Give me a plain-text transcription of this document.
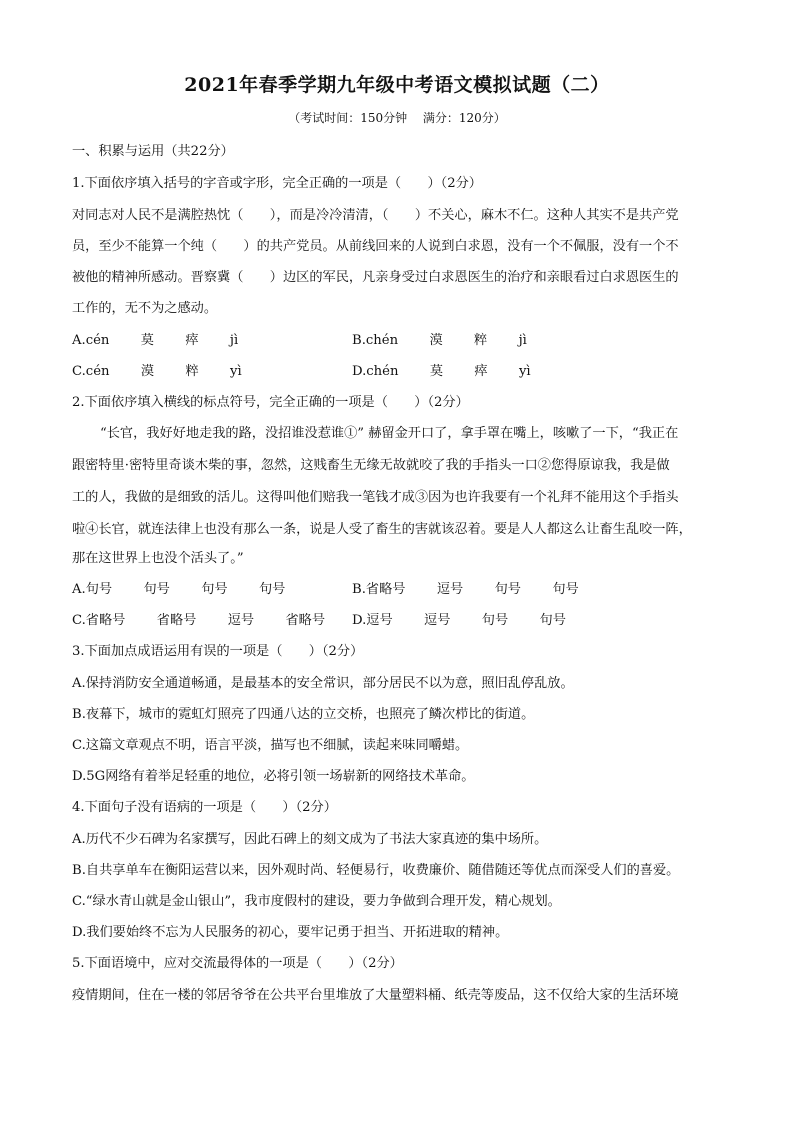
2021年春季学期九年级中考语文模拟试题（二）
（考试时间：150分钟　 满分：120分）
一、积累与运用（共22分）
1.下面依序填入括号的字音或字形，完全正确的一项是（　　）（2分）
对同志对人民不是满腔热忱（　　），而是冷冷清清，（　　）不关心，麻木不仁。这种人其实不是共产党
员，至少不能算一个纯（　　）的共产党员。从前线回来的人说到白求恩，没有一个不佩服，没有一个不
被他的精神所感动。晋察冀（　　）边区的军民，凡亲身受过白求恩医生的治疗和亲眼看过白求恩医生的
工作的，无不为之感动。
A.cén　 莫　 瘁　 jì	B.chén　 漠　 粹　 jì
C.cén　 漠　 粹　 yì	D.chén　 莫　 瘁　 yì
2.下面依序填入横线的标点符号，完全正确的一项是（　　）（2分）
“长官，我好好地走我的路，没招谁没惹谁①” 赫留金开口了，拿手罩在嘴上，咳嗽了一下，“我正在
跟密特里·密特里奇谈木柴的事，忽然，这贱畜生无缘无故就咬了我的手指头一口②您得原谅我，我是做
工的人，我做的是细致的活儿。这得叫他们赔我一笔钱才成③因为也许我要有一个礼拜不能用这个手指头
啦④长官，就连法律上也没有那么一条，说是人受了畜生的害就该忍着。要是人人都这么让畜生乱咬一阵，
那在这世界上也没个活头了。”
A.句号　 句号　 句号　 句号	B.省略号　 逗号　 句号　 句号
C.省略号　 省略号　 逗号　 省略号 D.逗号　 逗号　 句号　 句号
3.下面加点成语运用有误的一项是（　　）（2分）
A.保持消防安全通道畅通，是最基本的安全常识，部分居民不以为意，照旧乱停乱放。
B.夜幕下，城市的霓虹灯照亮了四通八达的立交桥，也照亮了鳞次栉比的街道。
C.这篇文章观点不明，语言平淡，描写也不细腻，读起来味同嚼蜡。
D.5G网络有着举足轻重的地位，必将引领一场崭新的网络技术革命。
4.下面句子没有语病的一项是（　　）（2分）
A.历代不少石碑为名家撰写，因此石碑上的刻文成为了书法大家真迹的集中场所。
B.自共享单车在衡阳运营以来，因外观时尚、轻便易行，收费廉价、随借随还等优点而深受人们的喜爱。
C.“绿水青山就是金山银山”，我市度假村的建设，要力争做到合理开发，精心规划。
D.我们要始终不忘为人民服务的初心，要牢记勇于担当、开拓进取的精神。
5.下面语境中，应对交流最得体的一项是（　　）（2分）
疫情期间，住在一楼的邻居爷爷在公共平台里堆放了大量塑料桶、纸壳等废品，这不仅给大家的生活环境
